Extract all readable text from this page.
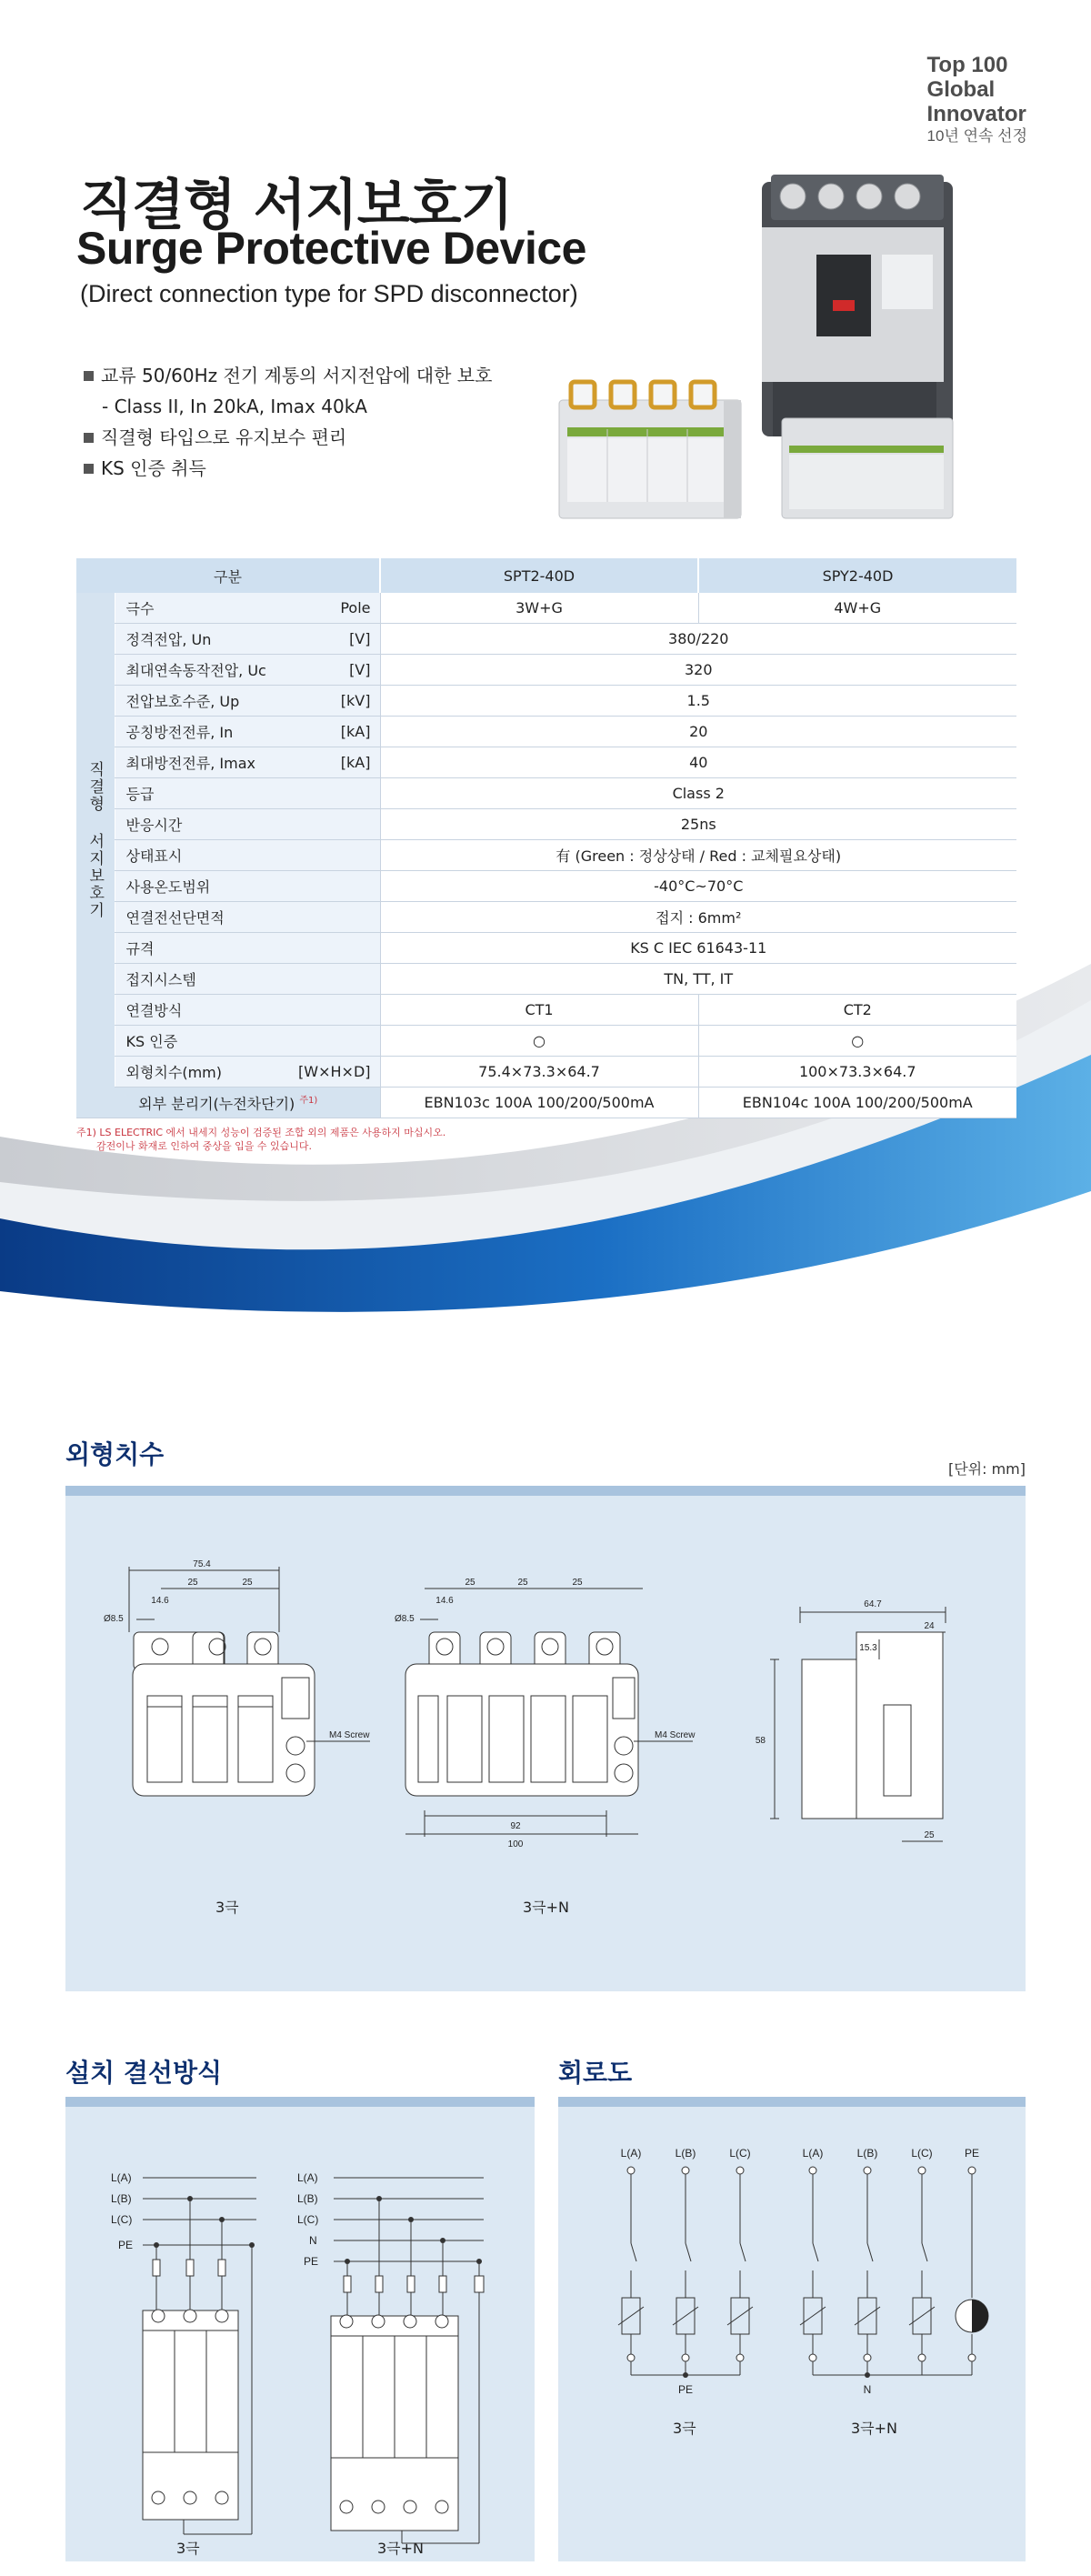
Top 100
Global
Innovator
10년 연속 선정
직결형 서지보호기
Surge Protective Device
(Direct connection type for SPD disconnector)
교류 50/60Hz 전기 계통의 서지전압에 대한 보호
- Class II, In 20kA, Imax 40kA
직결형 타입으로 유지보수 편리
KS 인증 취득
구분			SPT2-40D	SPY2-40D

직결형 서지보호기	극수	Pole	3W+G	4W+G
	정격전압, Un	[V]	380/220	
	최대연속동작전압, Uc	[V]	320	
	전압보호수준, Up	[kV]	1.5	
	공칭방전전류, In	[kA]	20	
	최대방전전류, Imax	[kA]	40	
	등급		Class 2	
	반응시간		25ns	
	상태표시		有 (Green : 정상상태 / Red : 교체필요상태)	
	사용온도범위		-40°C~70°C	
	연결전선단면적		접지 : 6mm²	
	규격		KS C IEC 61643-11	
	접지시스템		TN, TT, IT	
	연결방식		CT1	CT2
	KS 인증		○	○
	외형치수(mm)	[W×H×D]	75.4×73.3×64.7	100×73.3×64.7
외부 분리기(누전차단기) $^{주1)}$			EBN103c 100A 100/200/500mA	EBN104c 100A 100/200/500mA
주1) LS ELECTRIC 에서 내세지 성능이 검증된 조합 외의 제품은 사용하지 마십시오.
감전이나 화재로 인하여 중상을 입을 수 있습니다.
외형치수	[단위: mm]
75.4
25	25
14.6
Ø8.5
M4 Screw
25	25	25
14.6
Ø8.5
M4 Screw
92
100
64.7
15.3
24
58
25
3극	3극+N
설치 결선방식
L(A)
L(B)
L(C)
PE
L(A)
L(B)
L(C)
N
PE
3극	3극+N
회로도
L(A)	L(B)	L(C)
PE
L(A)	L(B)	L(C)	PE
N
3극	3극+N
